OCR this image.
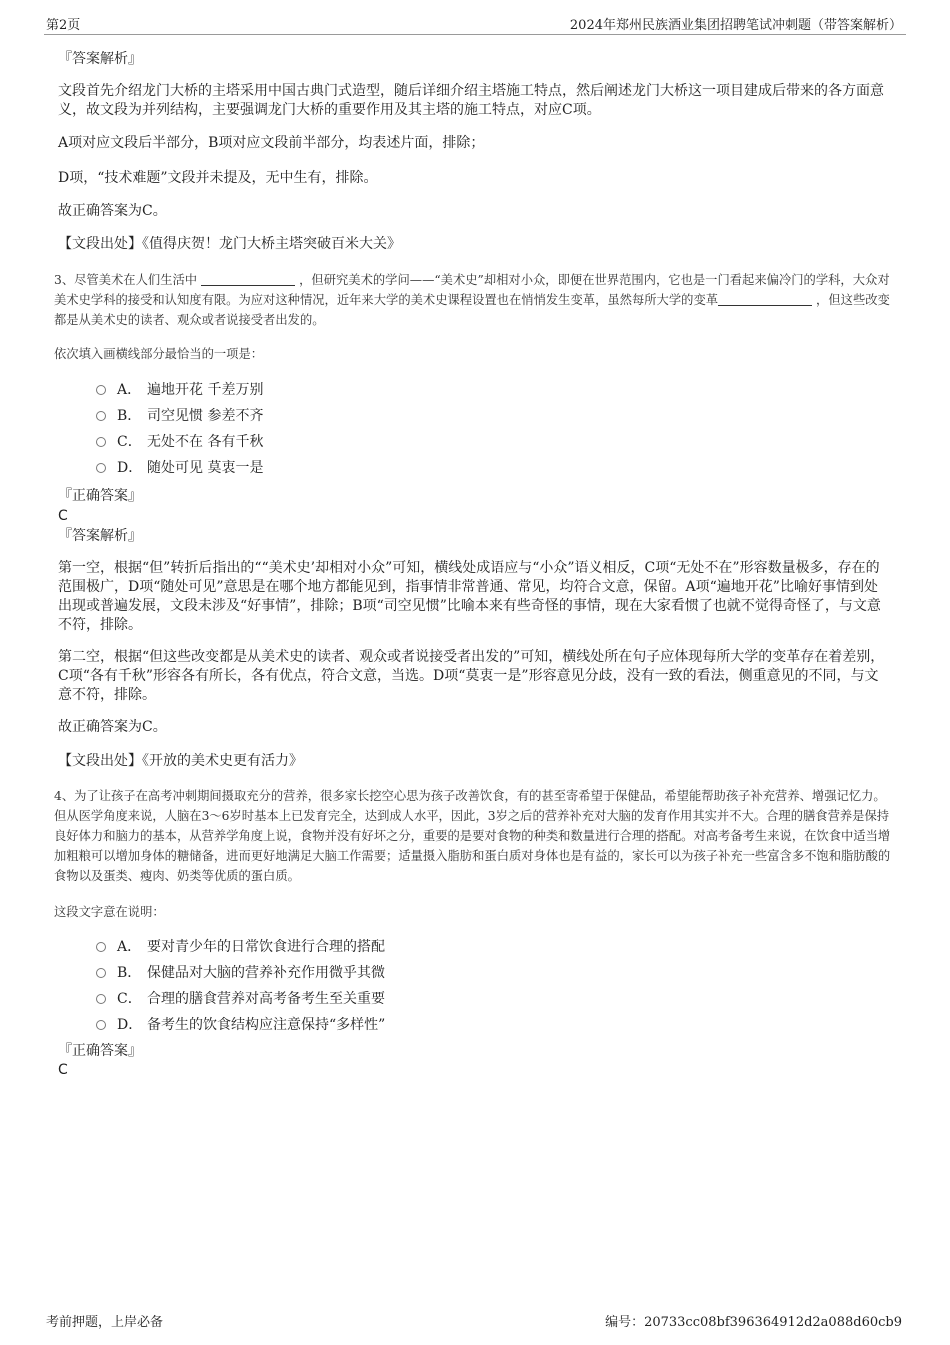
第2页	2024年郑州民族酒业集团招聘笔试冲刺题（带答案解析）
『答案解析』

文段首先介绍龙门大桥的主塔采用中国古典门式造型，随后详细介绍主塔施工特点，然后阐述龙门大桥这一项目建成后带来的各方面意义，故文段为并列结构，主要强调龙门大桥的重要作用及其主塔的施工特点，对应C项。

A项对应文段后半部分，B项对应文段前半部分，均表述片面，排除；

D项，“技术难题”文段并未提及，无中生有，排除。

故正确答案为C。

【文段出处】《值得庆贺！龙门大桥主塔突破百米大关》

3、尽管美术在人们生活中	，但研究美术的学问——“美术史”却相对小众，即便在世界范围内，它也是一门看起来偏冷门的学科，大众对美术史学科的接受和认知度有限。为应对这种情况，近年来大学的美术史课程设置也在悄悄发生变革，虽然每所大学的变革	，但这些改变都是从美术史的读者、观众或者说接受者出发的。

依次填入画横线部分最恰当的一项是：

A． 遍地开花 千差万别
B． 司空见惯 参差不齐
C． 无处不在 各有千秋
D． 随处可见 莫衷一是
『正确答案』
C
『答案解析』

第一空，根据“但”转折后指出的““美术史’却相对小众”可知，横线处成语应与“小众”语义相反，C项“无处不在”形容数量极多，存在的范围极广，D项“随处可见”意思是在哪个地方都能见到，指事情非常普通、常见，均符合文意，保留。A项“遍地开花”比喻好事情到处出现或普遍发展，文段未涉及“好事情”，排除；B项“司空见惯”比喻本来有些奇怪的事情，现在大家看惯了也就不觉得奇怪了，与文意不符，排除。

第二空，根据“但这些改变都是从美术史的读者、观众或者说接受者出发的”可知，横线处所在句子应体现每所大学的变革存在着差别，C项“各有千秋”形容各有所长，各有优点，符合文意，当选。D项“莫衷一是”形容意见分歧，没有一致的看法，侧重意见的不同，与文意不符，排除。

故正确答案为C。

【文段出处】《开放的美术史更有活力》

4、为了让孩子在高考冲刺期间摄取充分的营养，很多家长挖空心思为孩子改善饮食，有的甚至寄希望于保健品，希望能帮助孩子补充营养、增强记忆力。但从医学角度来说，人脑在3～6岁时基本上已发育完全，达到成人水平，因此，3岁之后的营养补充对大脑的发育作用其实并不大。合理的膳食营养是保持良好体力和脑力的基本，从营养学角度上说，食物并没有好坏之分，重要的是要对食物的种类和数量进行合理的搭配。对高考备考生来说，在饮食中适当增加粗粮可以增加身体的糖储备，进而更好地满足大脑工作需要；适量摄入脂肪和蛋白质对身体也是有益的，家长可以为孩子补充一些富含多不饱和脂肪酸的食物以及蛋类、瘦肉、奶类等优质的蛋白质。

这段文字意在说明：

A． 要对青少年的日常饮食进行合理的搭配
B． 保健品对大脑的营养补充作用微乎其微
C． 合理的膳食营养对高考备考生至关重要
D． 备考生的饮食结构应注意保持“多样性”
『正确答案』
C
考前押题，上岸必备	编号：20733cc08bf396364912d2a088d60cb9
